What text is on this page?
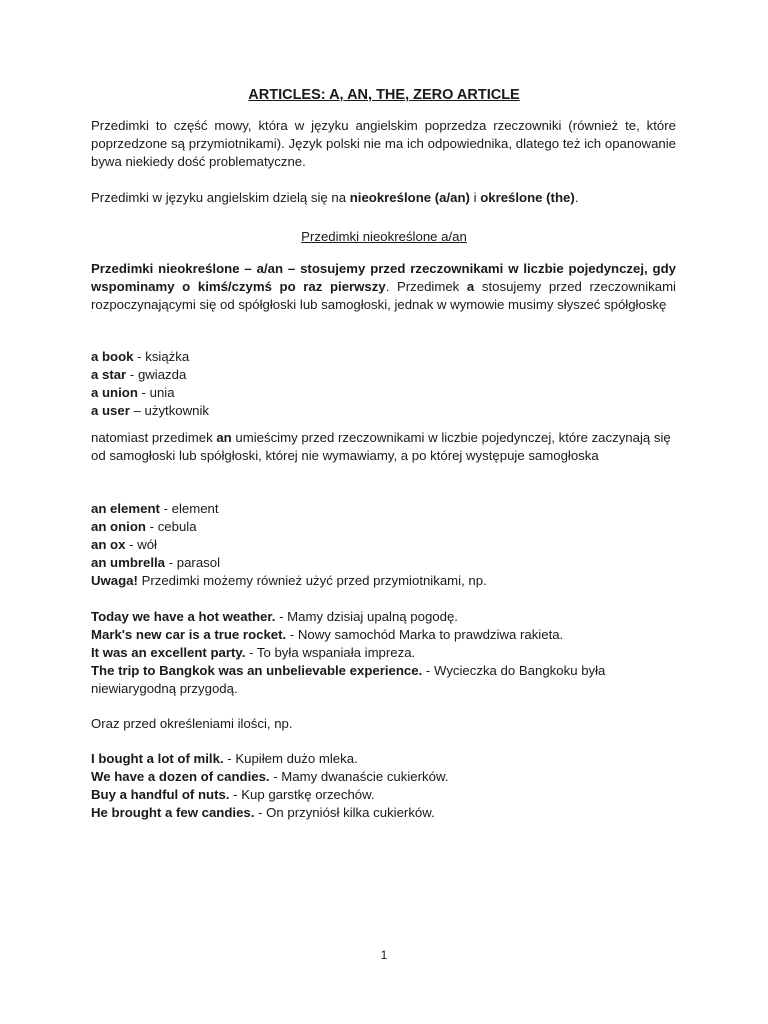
ARTICLES: A, AN, THE, ZERO ARTICLE
Przedimki to część mowy, która w języku angielskim poprzedza rzeczowniki (również te, które poprzedzone są przymiotnikami). Język polski nie ma ich odpowiednika, dlatego też ich opanowanie bywa niekiedy dość problematyczne.
Przedimki w języku angielskim dzielą się na nieokreślone (a/an) i określone (the).
Przedimki nieokreślone a/an
Przedimki nieokreślone – a/an – stosujemy przed rzeczownikami w liczbie pojedynczej, gdy wspominamy o kimś/czymś po raz pierwszy. Przedimek a stosujemy przed rzeczownikami rozpoczynającymi się od spółgłoski lub samogłoski, jednak w wymowie musimy słyszeć spółgłoskę
a book - książka
a star - gwiazda
a union - unia
a user – użytkownik
natomiast przedimek an umieścimy przed rzeczownikami w liczbie pojedynczej, które zaczynają się od samogłoski lub spółgłoski, której nie wymawiamy, a po której występuje samogłoska
an element - element
an onion - cebula
an ox - wół
an umbrella - parasol
Uwaga! Przedimki możemy również użyć przed przymiotnikami, np.
Today we have a hot weather. - Mamy dzisiaj upalną pogodę.
Mark's new car is a true rocket. - Nowy samochód Marka to prawdziwa rakieta.
It was an excellent party. - To była wspaniała impreza.
The trip to Bangkok was an unbelievable experience. - Wycieczka do Bangkoku była niewiarygodną przygodą.
Oraz przed określeniami ilości, np.
I bought a lot of milk. - Kupiłem dużo mleka.
We have a dozen of candies. - Mamy dwanaście cukierków.
Buy a handful of nuts. - Kup garstkę orzechów.
He brought a few candies. - On przyniósł kilka cukierków.
1
